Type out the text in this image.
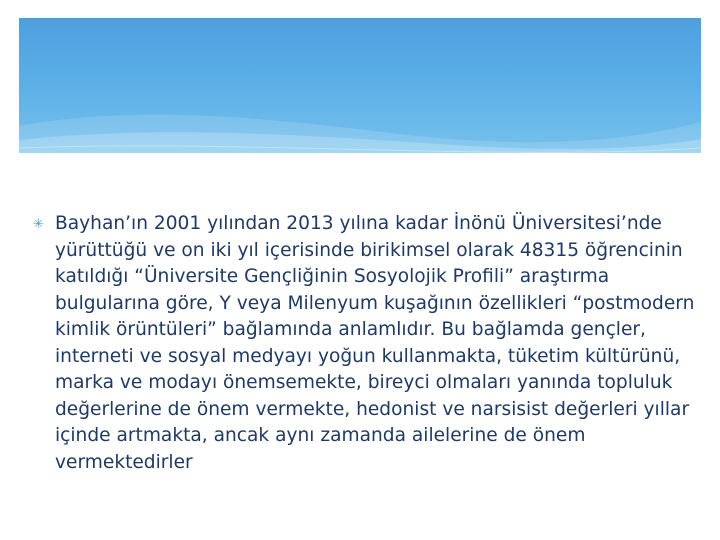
✳ Bayhan’ın 2001 yılından 2013 yılına kadar İnönü Üniversitesi’nde yürüttüğü ve on iki yıl içerisinde birikimsel olarak 48315 öğrencinin katıldığı “Üniversite Gençliğinin Sosyolojik Profili” araştırma bulgularına göre, Y veya Milenyum kuşağının özellikleri “postmodern kimlik örüntüleri” bağlamında anlamlıdır. Bu bağlamda gençler, interneti ve sosyal medyayı yoğun kullanmakta, tüketim kültürünü, marka ve modayı önemsemekte, bireyci olmaları yanında topluluk değerlerine de önem vermekte, hedonist ve narsisist değerleri yıllar içinde artmakta, ancak aynı zamanda ailelerine de önem vermektedirler
